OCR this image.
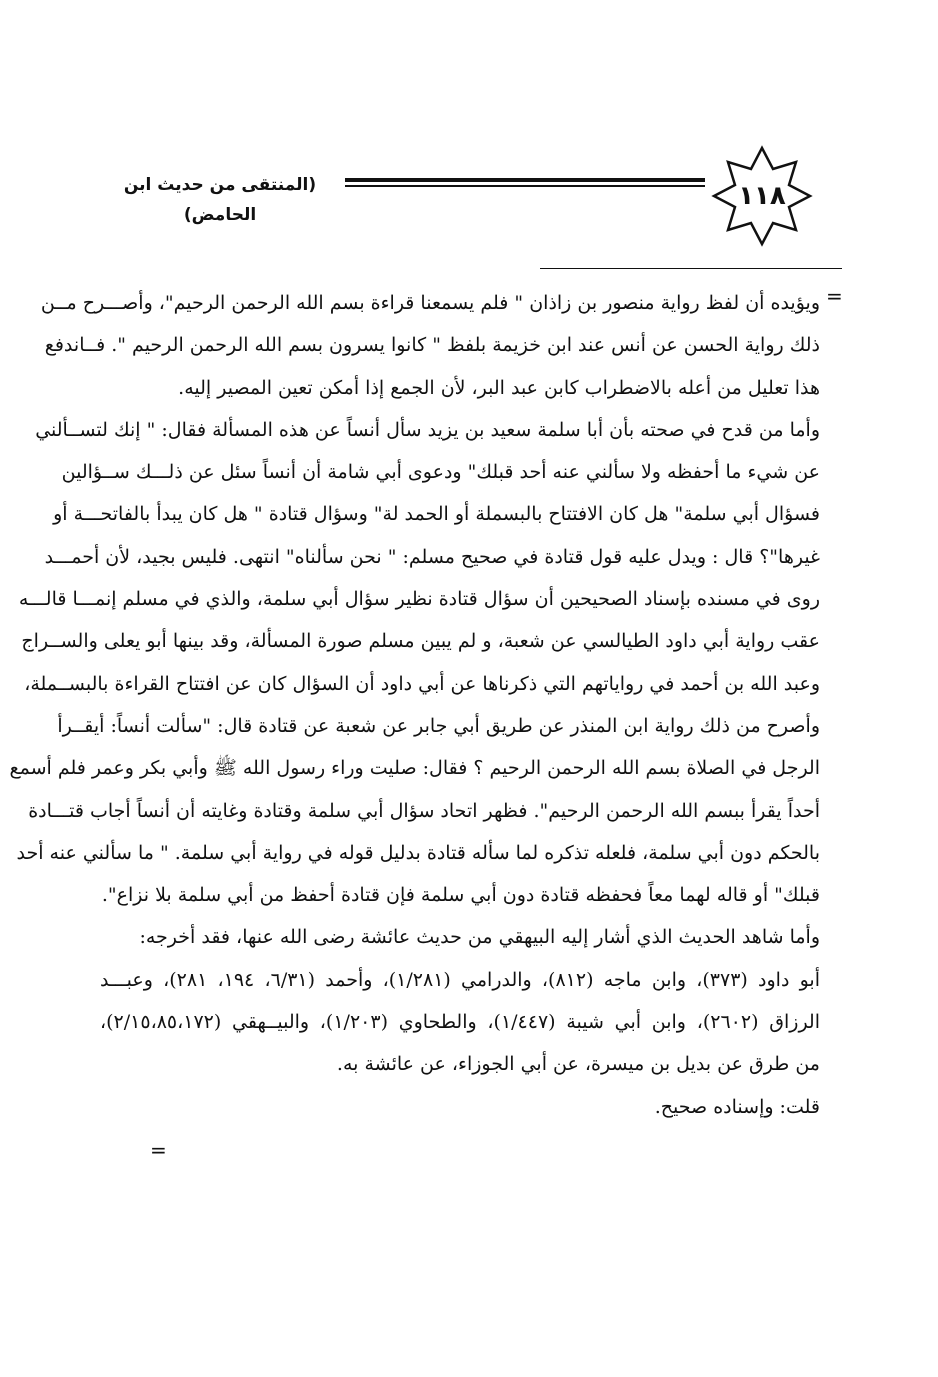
(المنتقى من حديث ابن الحامض)
١١٨
=
=
ويؤيده أن لفظ رواية منصور بن زاذان " فلم يسمعنا قراءة بسم الله الرحمن الرحيم"، وأصـــرح مــن
ذلك رواية الحسن عن أنس عند ابن خزيمة بلفظ " كانوا يسرون بسم الله الرحمن الرحيم ". فــاندفع
هذا تعليل من أعله بالاضطراب كابن عبد البر، لأن الجمع إذا أمكن تعين المصير إليه.
وأما من قدح في صحته بأن أبا سلمة سعيد بن يزيد سأل أنساً عن هذه المسألة فقال: " إنك لتســألني
عن شيء ما أحفظه ولا سألني عنه أحد قبلك" ودعوى أبي شامة أن أنساً سئل عن ذلـــك ســؤالين
فسؤال أبي سلمة" هل كان الافتتاح بالبسملة أو الحمد لة" وسؤال قتادة " هل كان يبدأ بالفاتحـــة أو
غيرها"؟ قال : ويدل عليه قول قتادة في صحيح مسلم: " نحن سألناه" انتهى. فليس بجيد، لأن أحمـــد
روى في مسنده بإسناد الصحيحين أن سؤال قتادة نظير سؤال أبي سلمة، والذي في مسلم إنمـــا قالـــه
عقب رواية أبي داود الطيالسي عن شعبة، و لم يبين مسلم صورة المسألة، وقد بينها أبو يعلى والســراج
وعبد الله بن أحمد في رواياتهم التي ذكرناها عن أبي داود أن السؤال كان عن افتتاح القراءة بالبســملة،
وأصرح من ذلك رواية ابن المنذر عن طريق أبي جابر عن شعبة عن قتادة قال: "سألت أنساً: أيقــرأ
الرجل في الصلاة بسم الله الرحمن الرحيم ؟ فقال: صليت وراء رسول الله ﷺ وأبي بكر وعمر فلم أسمع
أحداً يقرأ ببسم الله الرحمن الرحيم". فظهر اتحاد سؤال أبي سلمة وقتادة وغايته أن أنساً أجاب قتـــادة
بالحكم دون أبي سلمة، فلعله تذكره لما سأله قتادة بدليل قوله في رواية أبي سلمة. " ما سألني عنه أحد
قبلك" أو قاله لهما معاً فحفظه قتادة دون أبي سلمة فإن قتادة أحفظ من أبي سلمة بلا نزاع".
وأما شاهد الحديث الذي أشار إليه البيهقي من حديث عائشة رضى الله عنها، فقد أخرجه:
أبو داود (٣٧٣)، وابن ماجه (٨١٢)، والدرامي (١/٢٨١)، وأحمد (٦/٣١، ١٩٤، ٢٨١)، وعبـــد
الرزاق (٢٦٠٢)، وابن أبي شيبة (١/٤٤٧)، والطحاوي (١/٢٠٣)، والبيــهقي (٢/١٥،٨٥،١٧٢)،
من طرق عن بديل بن ميسرة، عن أبي الجوزاء، عن عائشة به.
قلت: وإسناده صحيح.
